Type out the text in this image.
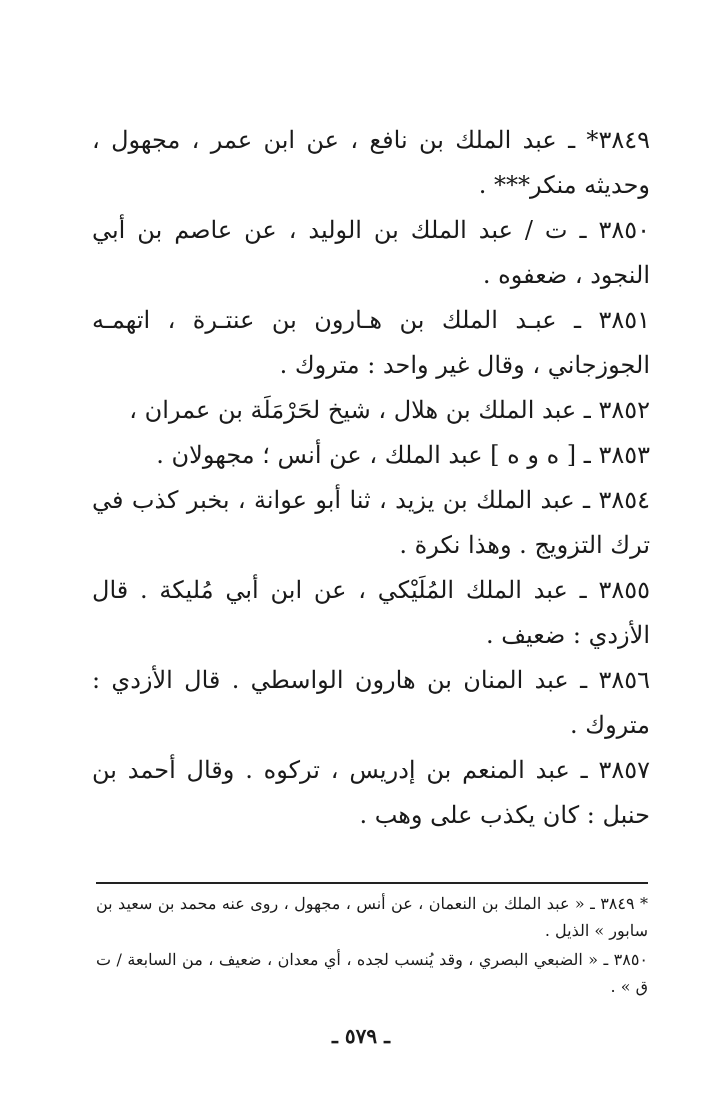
٣٨٤٩* ـ عبد الملك بن نافع ، عن ابن عمر ، مجهول ، وحديثه منكر*** .

٣٨٥٠ ـ ت / عبد الملك بن الوليد ، عن عاصم بن أبي النجود ، ضعفوه .

٣٨٥١ ـ عبـد الملك بن هـارون بن عنتـرة ، اتهمـه الجوزجاني ، وقال غير واحد : متروك .

٣٨٥٢ ـ عبد الملك بن هلال ، شيخ لحَرْمَلَة بن عمران ،

٣٨٥٣ ـ [ ه و ه ] عبد الملك ، عن أنس ؛ مجهولان .

٣٨٥٤ ـ عبد الملك بن يزيد ، ثنا أبو عوانة ، بخبر كذب في ترك التزويج . وهذا نكرة .

٣٨٥٥ ـ عبد الملك المُلَيْكي ، عن ابن أبي مُليكة . قال الأزدي : ضعيف .

٣٨٥٦ ـ عبد المنان بن هارون الواسطي . قال الأزدي : متروك .

٣٨٥٧ ـ عبد المنعم بن إدريس ، تركوه . وقال أحمد بن حنبل : كان يكذب على وهب .

* ٣٨٤٩ ـ « عبد الملك بن النعمان ، عن أنس ، مجهول ، روى عنه محمد بن سعيد بن سابور » الذيل .

٣٨٥٠ ـ « الضبعي البصري ، وقد يُنسب لجده ، أي معدان ، ضعيف ، من السابعة / ت ق » .

ـ ٥٧٩ ـ
